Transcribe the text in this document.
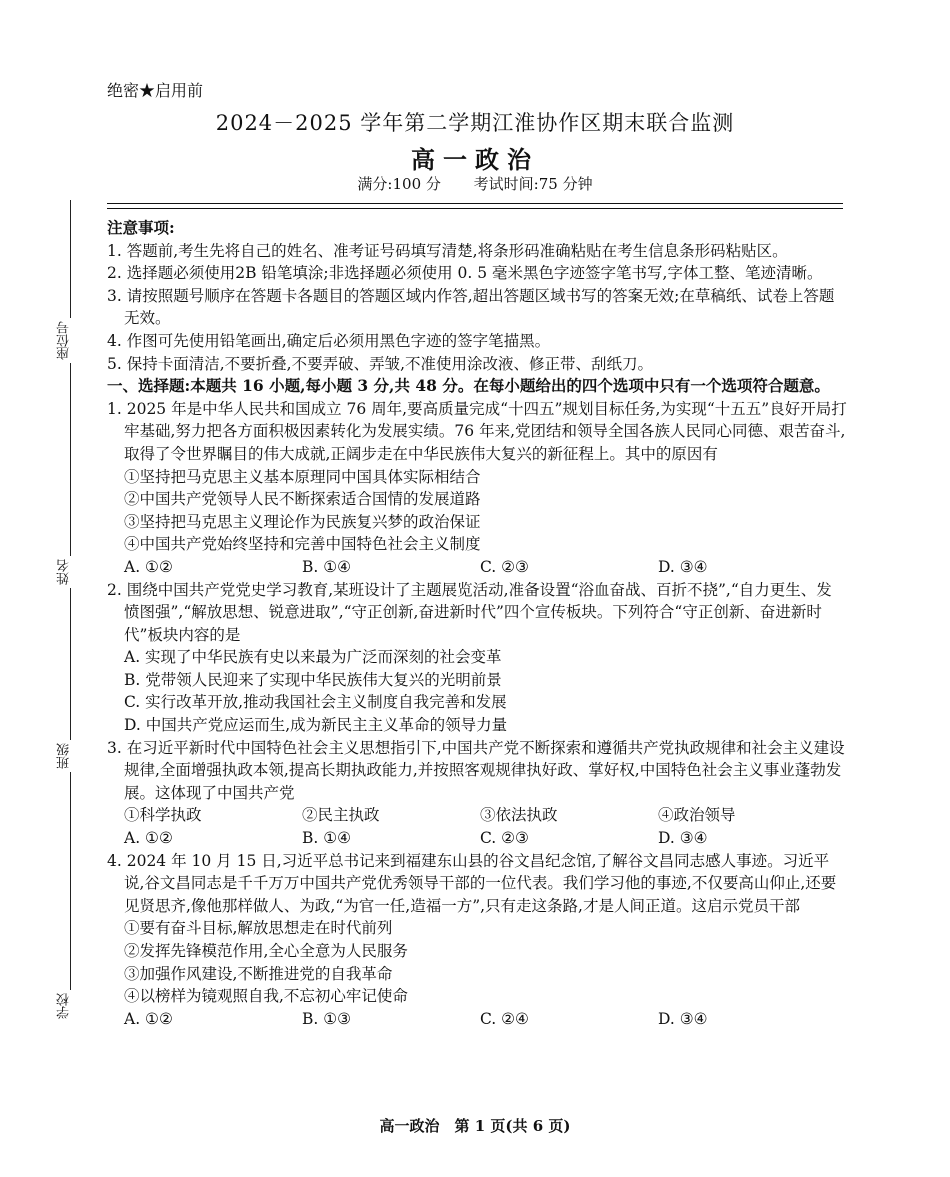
座位号
姓名
班级
学校
绝密★启用前
2024－2025 学年第二学期江淮协作区期末联合监测
高一政治
满分:100 分 考试时间:75 分钟

注意事项:

1. 答题前,考生先将自己的姓名、准考证号码填写清楚,将条形码准确粘贴在考生信息条形码粘贴区。

2. 选择题必须使用2B 铅笔填涂;非选择题必须使用 0. 5 毫米黑色字迹签字笔书写,字体工整、笔迹清晰。

3. 请按照题号顺序在答题卡各题目的答题区域内作答,超出答题区域书写的答案无效;在草稿纸、试卷上答题无效。

4. 作图可先使用铅笔画出,确定后必须用黑色字迹的签字笔描黑。

5. 保持卡面清洁,不要折叠,不要弄破、弄皱,不准使用涂改液、修正带、刮纸刀。

一、选择题:本题共 16 小题,每小题 3 分,共 48 分。在每小题给出的四个选项中只有一个选项符合题意。

1. 2025 年是中华人民共和国成立 76 周年,要高质量完成“十四五”规划目标任务,为实现“十五五”良好开局打牢基础,努力把各方面积极因素转化为发展实绩。76 年来,党团结和领导全国各族人民同心同德、艰苦奋斗,取得了令世界瞩目的伟大成就,正阔步走在中华民族伟大复兴的新征程上。其中的原因有

①坚持把马克思主义基本原理同中国具体实际相结合

②中国共产党领导人民不断探索适合国情的发展道路

③坚持把马克思主义理论作为民族复兴梦的政治保证

④中国共产党始终坚持和完善中国特色社会主义制度

A. ①②	B. ①④	C. ②③	D. ③④

2. 围绕中国共产党党史学习教育,某班设计了主题展览活动,准备设置“浴血奋战、百折不挠”,“自力更生、发愤图强”,“解放思想、锐意进取”,“守正创新,奋进新时代”四个宣传板块。下列符合“守正创新、奋进新时代”板块内容的是

A. 实现了中华民族有史以来最为广泛而深刻的社会变革

B. 党带领人民迎来了实现中华民族伟大复兴的光明前景

C. 实行改革开放,推动我国社会主义制度自我完善和发展

D. 中国共产党应运而生,成为新民主主义革命的领导力量

3. 在习近平新时代中国特色社会主义思想指引下,中国共产党不断探索和遵循共产党执政规律和社会主义建设规律,全面增强执政本领,提高长期执政能力,并按照客观规律执好政、掌好权,中国特色社会主义事业蓬勃发展。这体现了中国共产党

①科学执政	②民主执政	③依法执政	④政治领导
A. ①②	B. ①④	C. ②③	D. ③④

4. 2024 年 10 月 15 日,习近平总书记来到福建东山县的谷文昌纪念馆,了解谷文昌同志感人事迹。习近平说,谷文昌同志是千千万万中国共产党优秀领导干部的一位代表。我们学习他的事迹,不仅要高山仰止,还要见贤思齐,像他那样做人、为政,“为官一任,造福一方”,只有走这条路,才是人间正道。这启示党员干部

①要有奋斗目标,解放思想走在时代前列

②发挥先锋模范作用,全心全意为人民服务

③加强作风建设,不断推进党的自我革命

④以榜样为镜观照自我,不忘初心牢记使命

A. ①②	B. ①③	C. ②④	D. ③④
高一政治　第 1 页(共 6 页)
